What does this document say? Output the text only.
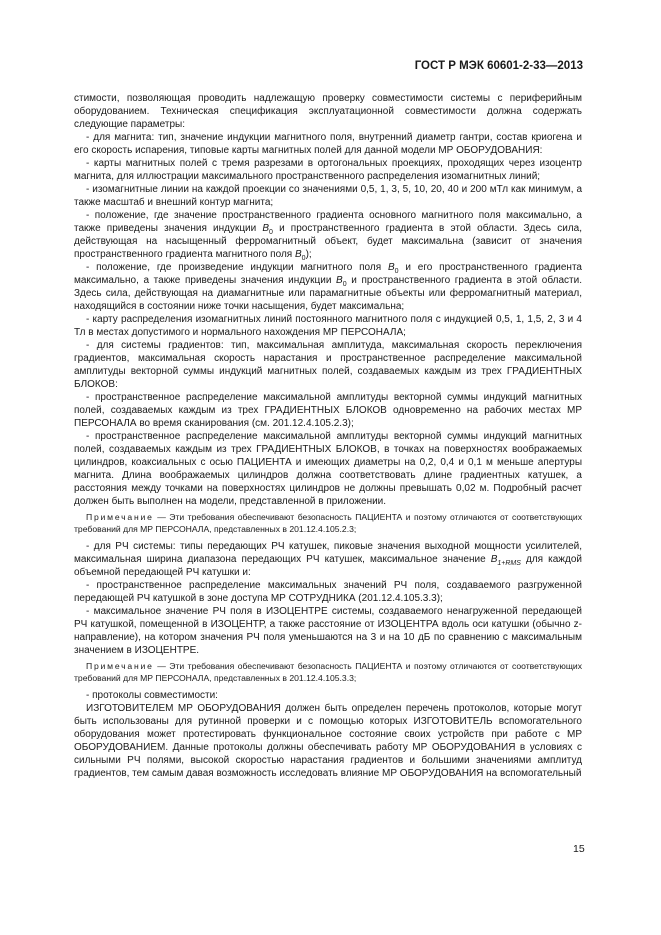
ГОСТ Р МЭК 60601-2-33—2013

стимости, позволяющая проводить надлежащую проверку совместимости системы с периферийным оборудованием. Техническая спецификация эксплуатационной совместимости должна содержать следующие параметры:

- для магнита: тип, значение индукции магнитного поля, внутренний диаметр гантри, состав криогена и его скорость испарения, типовые карты магнитных полей для данной модели МР ОБОРУДОВАНИЯ:

- карты магнитных полей с тремя разрезами в ортогональных проекциях, проходящих через изоцентр магнита, для иллюстрации максимального пространственного распределения изомагнитных линий;

- изомагнитные линии на каждой проекции со значениями 0,5, 1, 3, 5, 10, 20, 40 и 200 мТл как минимум, а также масштаб и внешний контур магнита;

- положение, где значение пространственного градиента основного магнитного поля максимально, а также приведены значения индукции $B_0$ и пространственного градиента в этой области. Здесь сила, действующая на насыщенный ферромагнитный объект, будет максимальна (зависит от значения пространственного градиента магнитного поля $B_0$);

- положение, где произведение индукции магнитного поля $B_0$ и его пространственного градиента максимально, а также приведены значения индукции $B_0$ и пространственного градиента в этой области. Здесь сила, действующая на диамагнитные или парамагнитные объекты или ферромагнитный материал, находящийся в состоянии ниже точки насыщения, будет максимальна;

- карту распределения изомагнитных линий постоянного магнитного поля с индукцией 0,5, 1, 1,5, 2, 3 и 4 Тл в местах допустимого и нормального нахождения МР ПЕРСОНАЛА;

- для системы градиентов: тип, максимальная амплитуда, максимальная скорость переключения градиентов, максимальная скорость нарастания и пространственное распределение максимальной амплитуды векторной суммы индукций магнитных полей, создаваемых каждым из трех ГРАДИЕНТНЫХ БЛОКОВ:

- пространственное распределение максимальной амплитуды векторной суммы индукций магнитных полей, создаваемых каждым из трех ГРАДИЕНТНЫХ БЛОКОВ одновременно на рабочих местах МР ПЕРСОНАЛА во время сканирования (см. 201.12.4.105.2.3);

- пространственное распределение максимальной амплитуды векторной суммы индукций магнитных полей, создаваемых каждым из трех ГРАДИЕНТНЫХ БЛОКОВ, в точках на поверхностях воображаемых цилиндров, коаксиальных с осью ПАЦИЕНТА и имеющих диаметры на 0,2, 0,4 и 0,1 м меньше апертуры магнита. Длина воображаемых цилиндров должна соответствовать длине градиентных катушек, а расстояния между точками на поверхностях цилиндров не должны превышать 0,02 м. Подробный расчет должен быть выполнен на модели, представленной в приложении.

Примечание — Эти требования обеспечивают безопасность ПАЦИЕНТА и поэтому отличаются от соответствующих требований для МР ПЕРСОНАЛА, представленных в 201.12.4.105.2.3;

- для РЧ системы: типы передающих РЧ катушек, пиковые значения выходной мощности усилителей, максимальная ширина диапазона передающих РЧ катушек, максимальное значение $B_{1+RMS}$ для каждой объемной передающей РЧ катушки и:

- пространственное распределение максимальных значений РЧ поля, создаваемого разгруженной передающей РЧ катушкой в зоне доступа МР СОТРУДНИКА (201.12.4.105.3.3);

- максимальное значение РЧ поля в ИЗОЦЕНТРЕ системы, создаваемого ненагруженной передающей РЧ катушкой, помещенной в ИЗОЦЕНТР, а также расстояние от ИЗОЦЕНТРА вдоль оси катушки (обычно z-направление), на котором значения РЧ поля уменьшаются на 3 и на 10 дБ по сравнению с максимальным значением в ИЗОЦЕНТРЕ.

Примечание — Эти требования обеспечивают безопасность ПАЦИЕНТА и поэтому отличаются от соответствующих требований для МР ПЕРСОНАЛА, представленных в 201.12.4.105.3.3;

- протоколы совместимости:

ИЗГОТОВИТЕЛЕМ МР ОБОРУДОВАНИЯ должен быть определен перечень протоколов, которые могут быть использованы для рутинной проверки и с помощью которых ИЗГОТОВИТЕЛЬ вспомогательного оборудования может протестировать функциональное состояние своих устройств при работе с МР ОБОРУДОВАНИЕМ. Данные протоколы должны обеспечивать работу МР ОБОРУДОВАНИЯ в условиях с сильными РЧ полями, высокой скоростью нарастания градиентов и большими значениями амплитуд градиентов, тем самым давая возможность исследовать влияние МР ОБОРУДОВАНИЯ на вспомогательный

15
